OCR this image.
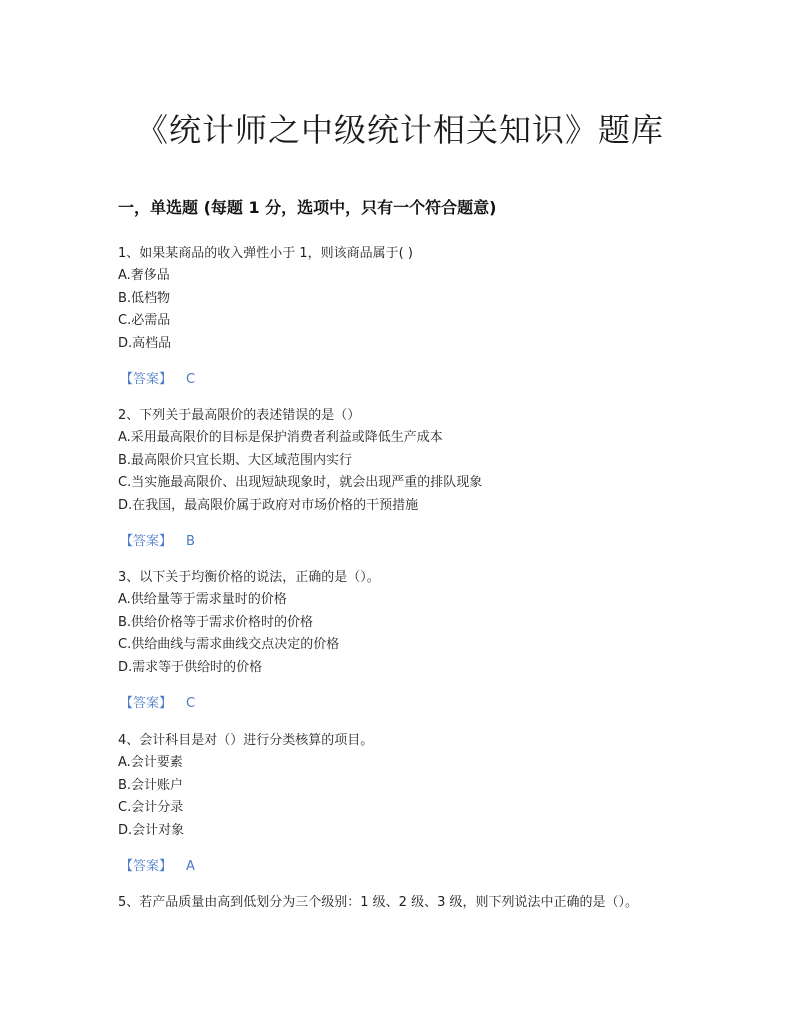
《统计师之中级统计相关知识》题库
一，单选题 (每题 1 分，选项中，只有一个符合题意)

1、如果某商品的收入弹性小于 1，则该商品属于( )

A.奢侈品
B.低档物
C.必需品
D.高档品
【答案】 C

2、下列关于最高限价的表述错误的是（）

A.采用最高限价的目标是保护消费者利益或降低生产成本
B.最高限价只宜长期、大区域范围内实行
C.当实施最高限价、出现短缺现象时，就会出现严重的排队现象
D.在我国，最高限价属于政府对市场价格的干预措施
【答案】 B

3、以下关于均衡价格的说法，正确的是（）。

A.供给量等于需求量时的价格
B.供给价格等于需求价格时的价格
C.供给曲线与需求曲线交点决定的价格
D.需求等于供给时的价格
【答案】 C

4、会计科目是对（）进行分类核算的项目。

A.会计要素
B.会计账户
C.会计分录
D.会计对象
【答案】 A

5、若产品质量由高到低划分为三个级别：1 级、2 级、3 级，则下列说法中正确的是（）。
